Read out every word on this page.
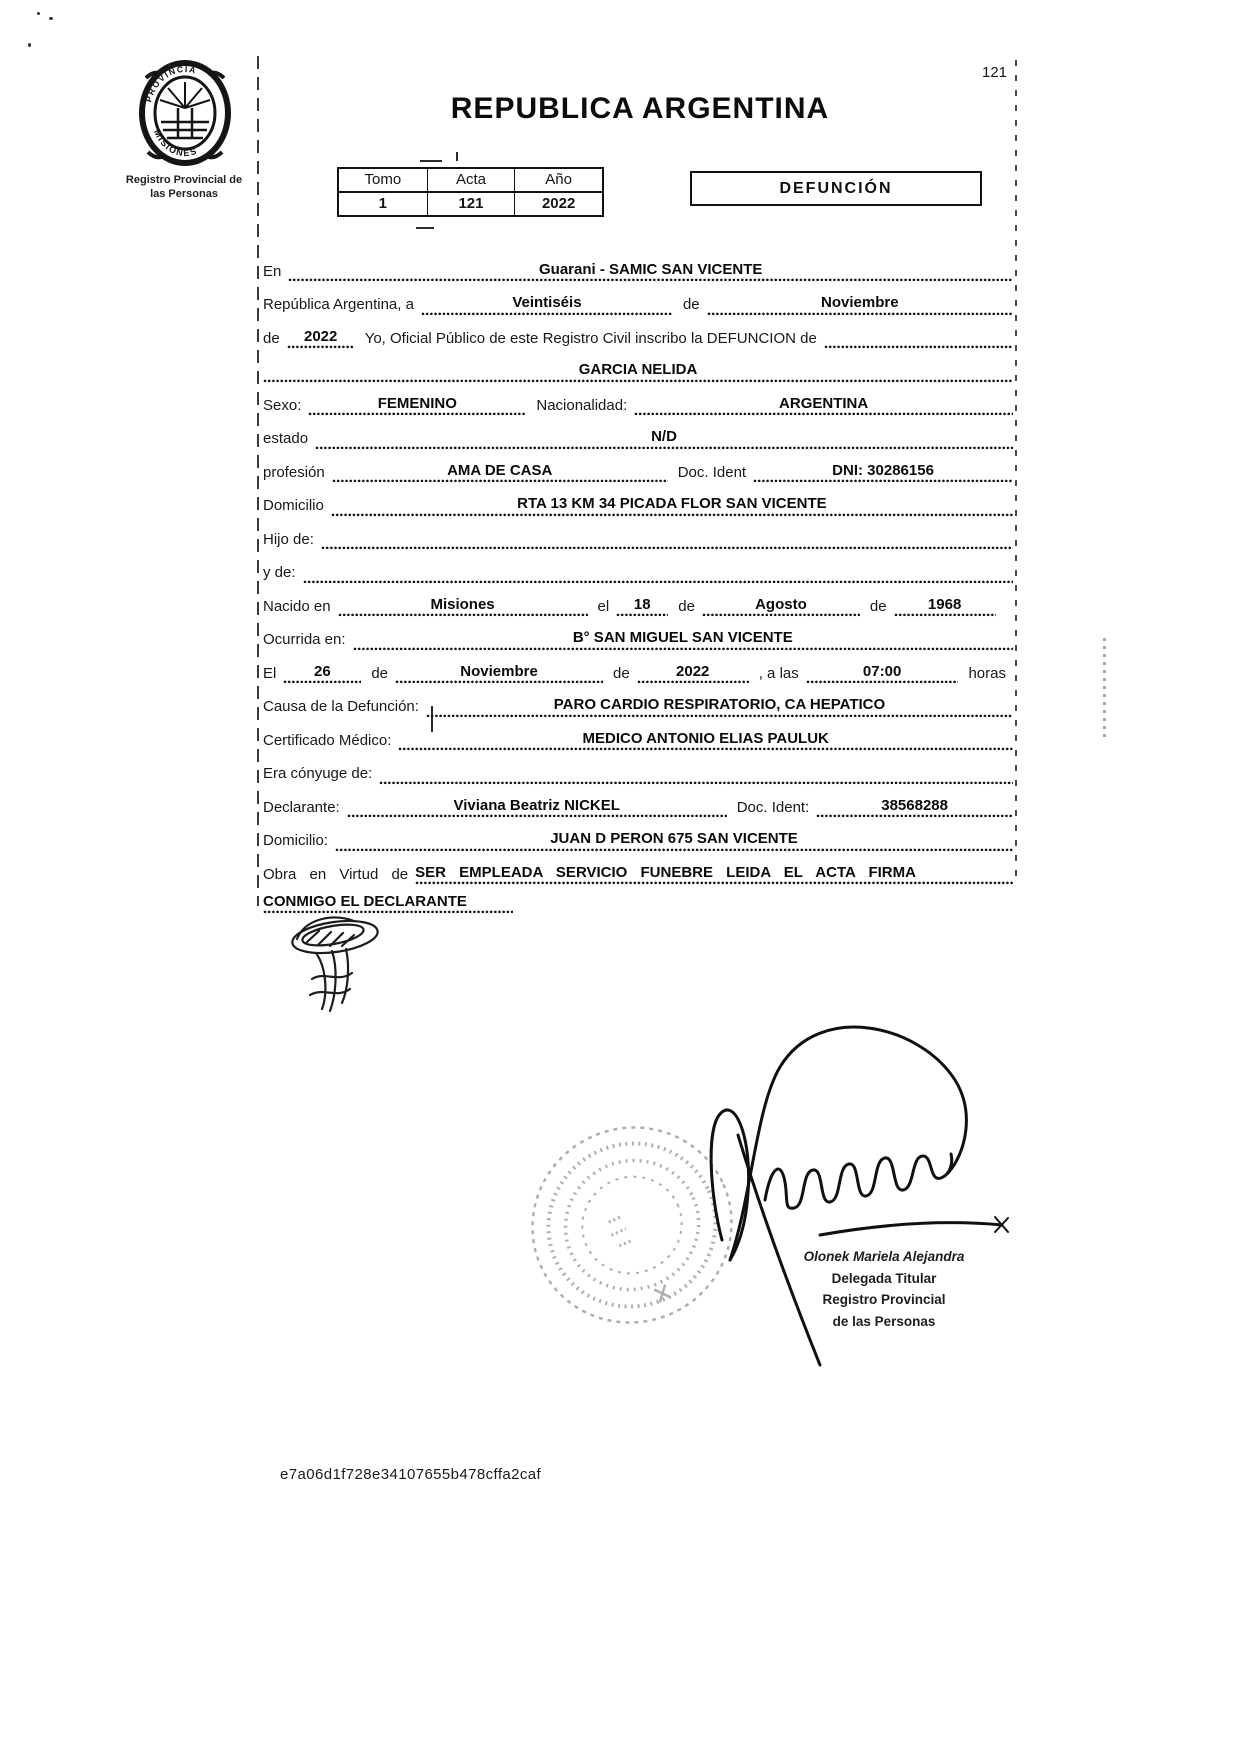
PROVINCIA
MISIONES
Registro Provincial de
las Personas
121
REPUBLICA ARGENTINA
Tomo	Acta	Año
1	121	2022
DEFUNCIÓN
En	Guarani - SAMIC SAN VICENTE
República Argentina, a	Veintiséis	de	Noviembre
de	2022	Yo, Oficial Público de este Registro Civil inscribo la DEFUNCION de
GARCIA NELIDA
Sexo:	FEMENINO	Nacionalidad:	ARGENTINA
estado	N/D
profesión	AMA DE CASA	Doc. Ident	DNI: 30286156
Domicilio	RTA 13 KM 34 PICADA FLOR SAN VICENTE
Hijo de:
y de:
Nacido en	Misiones	el	18	de	Agosto	de	1968
Ocurrida en:	B° SAN MIGUEL SAN VICENTE
El	26	de	Noviembre	de	2022	, a las	07:00	horas
Causa de la Defunción:	PARO CARDIO RESPIRATORIO, CA HEPATICO
Certificado Médico:	MEDICO ANTONIO ELIAS PAULUK
Era cónyuge de:
Declarante:	Viviana Beatriz NICKEL	Doc. Ident:	38568288
Domicilio:	JUAN D PERON 675 SAN VICENTE
Obra en Virtud de SER EMPLEADA SERVICIO FUNEBRE LEIDA EL ACTA FIRMA
CONMIGO EL DECLARANTE
Olonek Mariela Alejandra
Delegada Titular
Registro Provincial
de las Personas
e7a06d1f728e34107655b478cffa2caf
